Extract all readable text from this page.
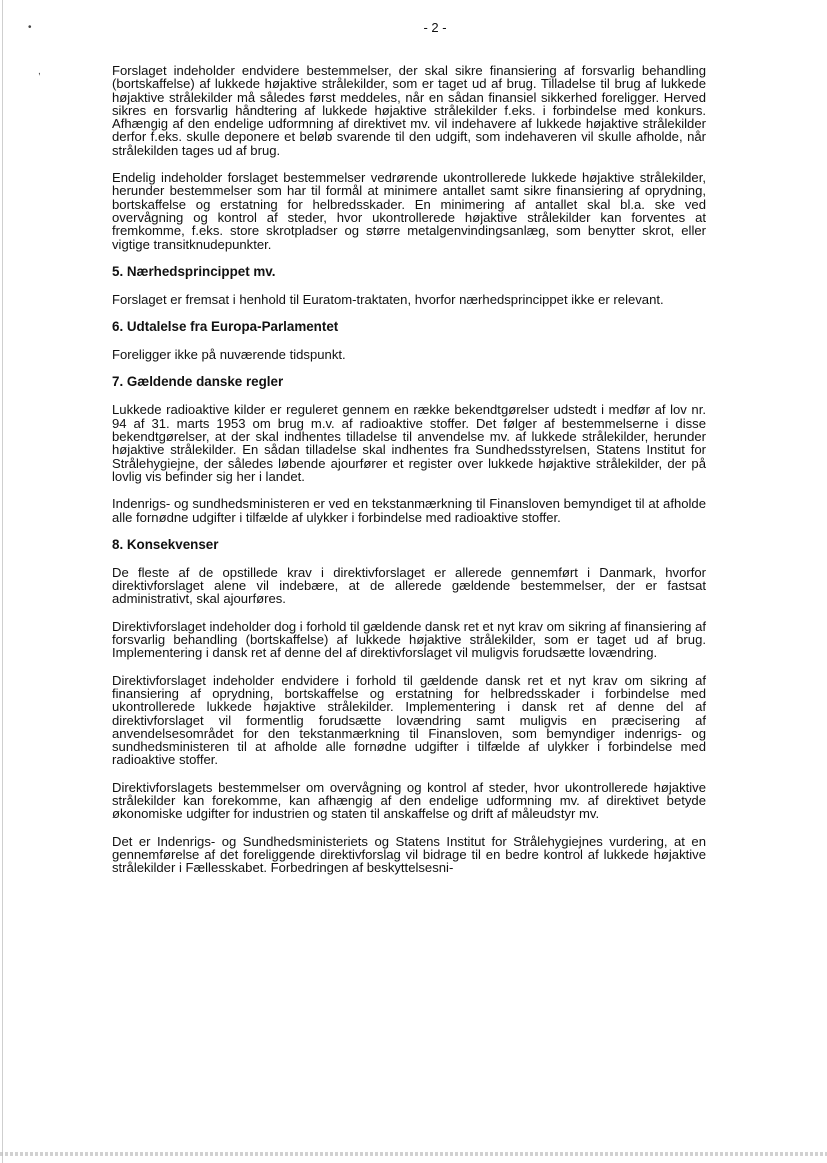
•
,
- 2 -

Forslaget indeholder endvidere bestemmelser, der skal sikre finansiering af forsvarlig behandling (bortskaffelse) af lukkede højaktive strålekilder, som er taget ud af brug. Tilladelse til brug af lukkede højaktive strålekilder må således først meddeles, når en sådan finansiel sikkerhed foreligger. Herved sikres en forsvarlig håndtering af lukkede højaktive strålekilder f.eks. i forbindelse med konkurs. Afhængig af den endelige udformning af direktivet mv. vil indehavere af lukkede højaktive strålekilder derfor f.eks. skulle deponere et beløb svarende til den udgift, som indehaveren vil skulle afholde, når strålekilden tages ud af brug.

Endelig indeholder forslaget bestemmelser vedrørende ukontrollerede lukkede højaktive strålekilder, herunder bestemmelser som har til formål at minimere antallet samt sikre finansiering af oprydning, bortskaffelse og erstatning for helbredsskader. En minimering af antallet skal bl.a. ske ved overvågning og kontrol af steder, hvor ukontrollerede højaktive strålekilder kan forventes at fremkomme, f.eks. store skrotpladser og større metalgenvindingsanlæg, som benytter skrot, eller vigtige transitknudepunkter.

5. Nærhedsprincippet mv.

Forslaget er fremsat i henhold til Euratom-traktaten, hvorfor nærhedsprincippet ikke er relevant.

6. Udtalelse fra Europa-Parlamentet

Foreligger ikke på nuværende tidspunkt.

7. Gældende danske regler

Lukkede radioaktive kilder er reguleret gennem en række bekendtgørelser udstedt i medfør af lov nr. 94 af 31. marts 1953 om brug m.v. af radioaktive stoffer. Det følger af bestemmelserne i disse bekendtgørelser, at der skal indhentes tilladelse til anvendelse mv. af lukkede strålekilder, herunder højaktive strålekilder. En sådan tilladelse skal indhentes fra Sundhedsstyrelsen, Statens Institut for Strålehygiejne, der således løbende ajourfører et register over lukkede højaktive strålekilder, der på lovlig vis befinder sig her i landet.

Indenrigs- og sundhedsministeren er ved en tekstanmærkning til Finansloven bemyndiget til at afholde alle fornødne udgifter i tilfælde af ulykker i forbindelse med radioaktive stoffer.

8. Konsekvenser

De fleste af de opstillede krav i direktivforslaget er allerede gennemført i Danmark, hvorfor direktivforslaget alene vil indebære, at de allerede gældende bestemmelser, der er fastsat administrativt, skal ajourføres.

Direktivforslaget indeholder dog i forhold til gældende dansk ret et nyt krav om sikring af finansiering af forsvarlig behandling (bortskaffelse) af lukkede højaktive strålekilder, som er taget ud af brug. Implementering i dansk ret af denne del af direktivforslaget vil muligvis forudsætte lovændring.

Direktivforslaget indeholder endvidere i forhold til gældende dansk ret et nyt krav om sikring af finansiering af oprydning, bortskaffelse og erstatning for helbredsskader i forbindelse med ukontrollerede lukkede højaktive strålekilder. Implementering i dansk ret af denne del af direktivforslaget vil formentlig forudsætte lovændring samt muligvis en præcisering af anvendelsesområdet for den tekstanmærkning til Finansloven, som bemyndiger indenrigs- og sundhedsministeren til at afholde alle fornødne udgifter i tilfælde af ulykker i forbindelse med radioaktive stoffer.

Direktivforslagets bestemmelser om overvågning og kontrol af steder, hvor ukontrollerede højaktive strålekilder kan forekomme, kan afhængig af den endelige udformning mv. af direktivet betyde økonomiske udgifter for industrien og staten til anskaffelse og drift af måleudstyr mv.

Det er Indenrigs- og Sundhedsministeriets og Statens Institut for Strålehygiejnes vurdering, at en gennemførelse af det foreliggende direktivforslag vil bidrage til en bedre kontrol af lukkede højaktive strålekilder i Fællesskabet. Forbedringen af beskyttelsesni-
